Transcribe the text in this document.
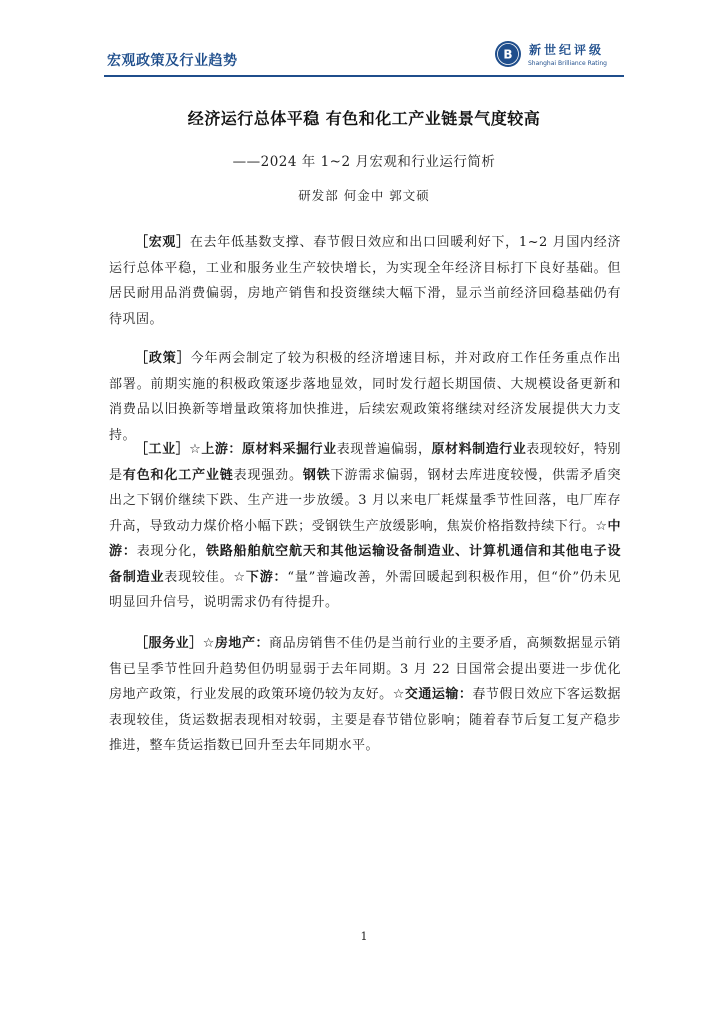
宏观政策及行业趋势	B 新世纪评级
Shanghai Brilliance Rating
经济运行总体平稳 有色和化工产业链景气度较高
——2024 年 1~2 月宏观和行业运行简析
研发部 何金中 郭文硕

［宏观］在去年低基数支撑、春节假日效应和出口回暖利好下，1~2 月国内经济运行总体平稳，工业和服务业生产较快增长，为实现全年经济目标打下良好基础。但居民耐用品消费偏弱，房地产销售和投资继续大幅下滑，显示当前经济回稳基础仍有待巩固。

［政策］今年两会制定了较为积极的经济增速目标，并对政府工作任务重点作出部署。前期实施的积极政策逐步落地显效，同时发行超长期国债、大规模设备更新和消费品以旧换新等增量政策将加快推进，后续宏观政策将继续对经济发展提供大力支持。

［工业］☆上游：原材料采掘行业表现普遍偏弱，原材料制造行业表现较好，特别是有色和化工产业链表现强劲。钢铁下游需求偏弱，钢材去库进度较慢，供需矛盾突出之下钢价继续下跌、生产进一步放缓。3 月以来电厂耗煤量季节性回落，电厂库存升高，导致动力煤价格小幅下跌；受钢铁生产放缓影响，焦炭价格指数持续下行。☆中游：表现分化，铁路船舶航空航天和其他运输设备制造业、计算机通信和其他电子设备制造业表现较佳。☆下游：“量”普遍改善，外需回暖起到积极作用，但“价”仍未见明显回升信号，说明需求仍有待提升。

［服务业］☆房地产：商品房销售不佳仍是当前行业的主要矛盾，高频数据显示销售已呈季节性回升趋势但仍明显弱于去年同期。3 月 22 日国常会提出要进一步优化房地产政策，行业发展的政策环境仍较为友好。☆交通运输：春节假日效应下客运数据表现较佳，货运数据表现相对较弱，主要是春节错位影响；随着春节后复工复产稳步推进，整车货运指数已回升至去年同期水平。

1
